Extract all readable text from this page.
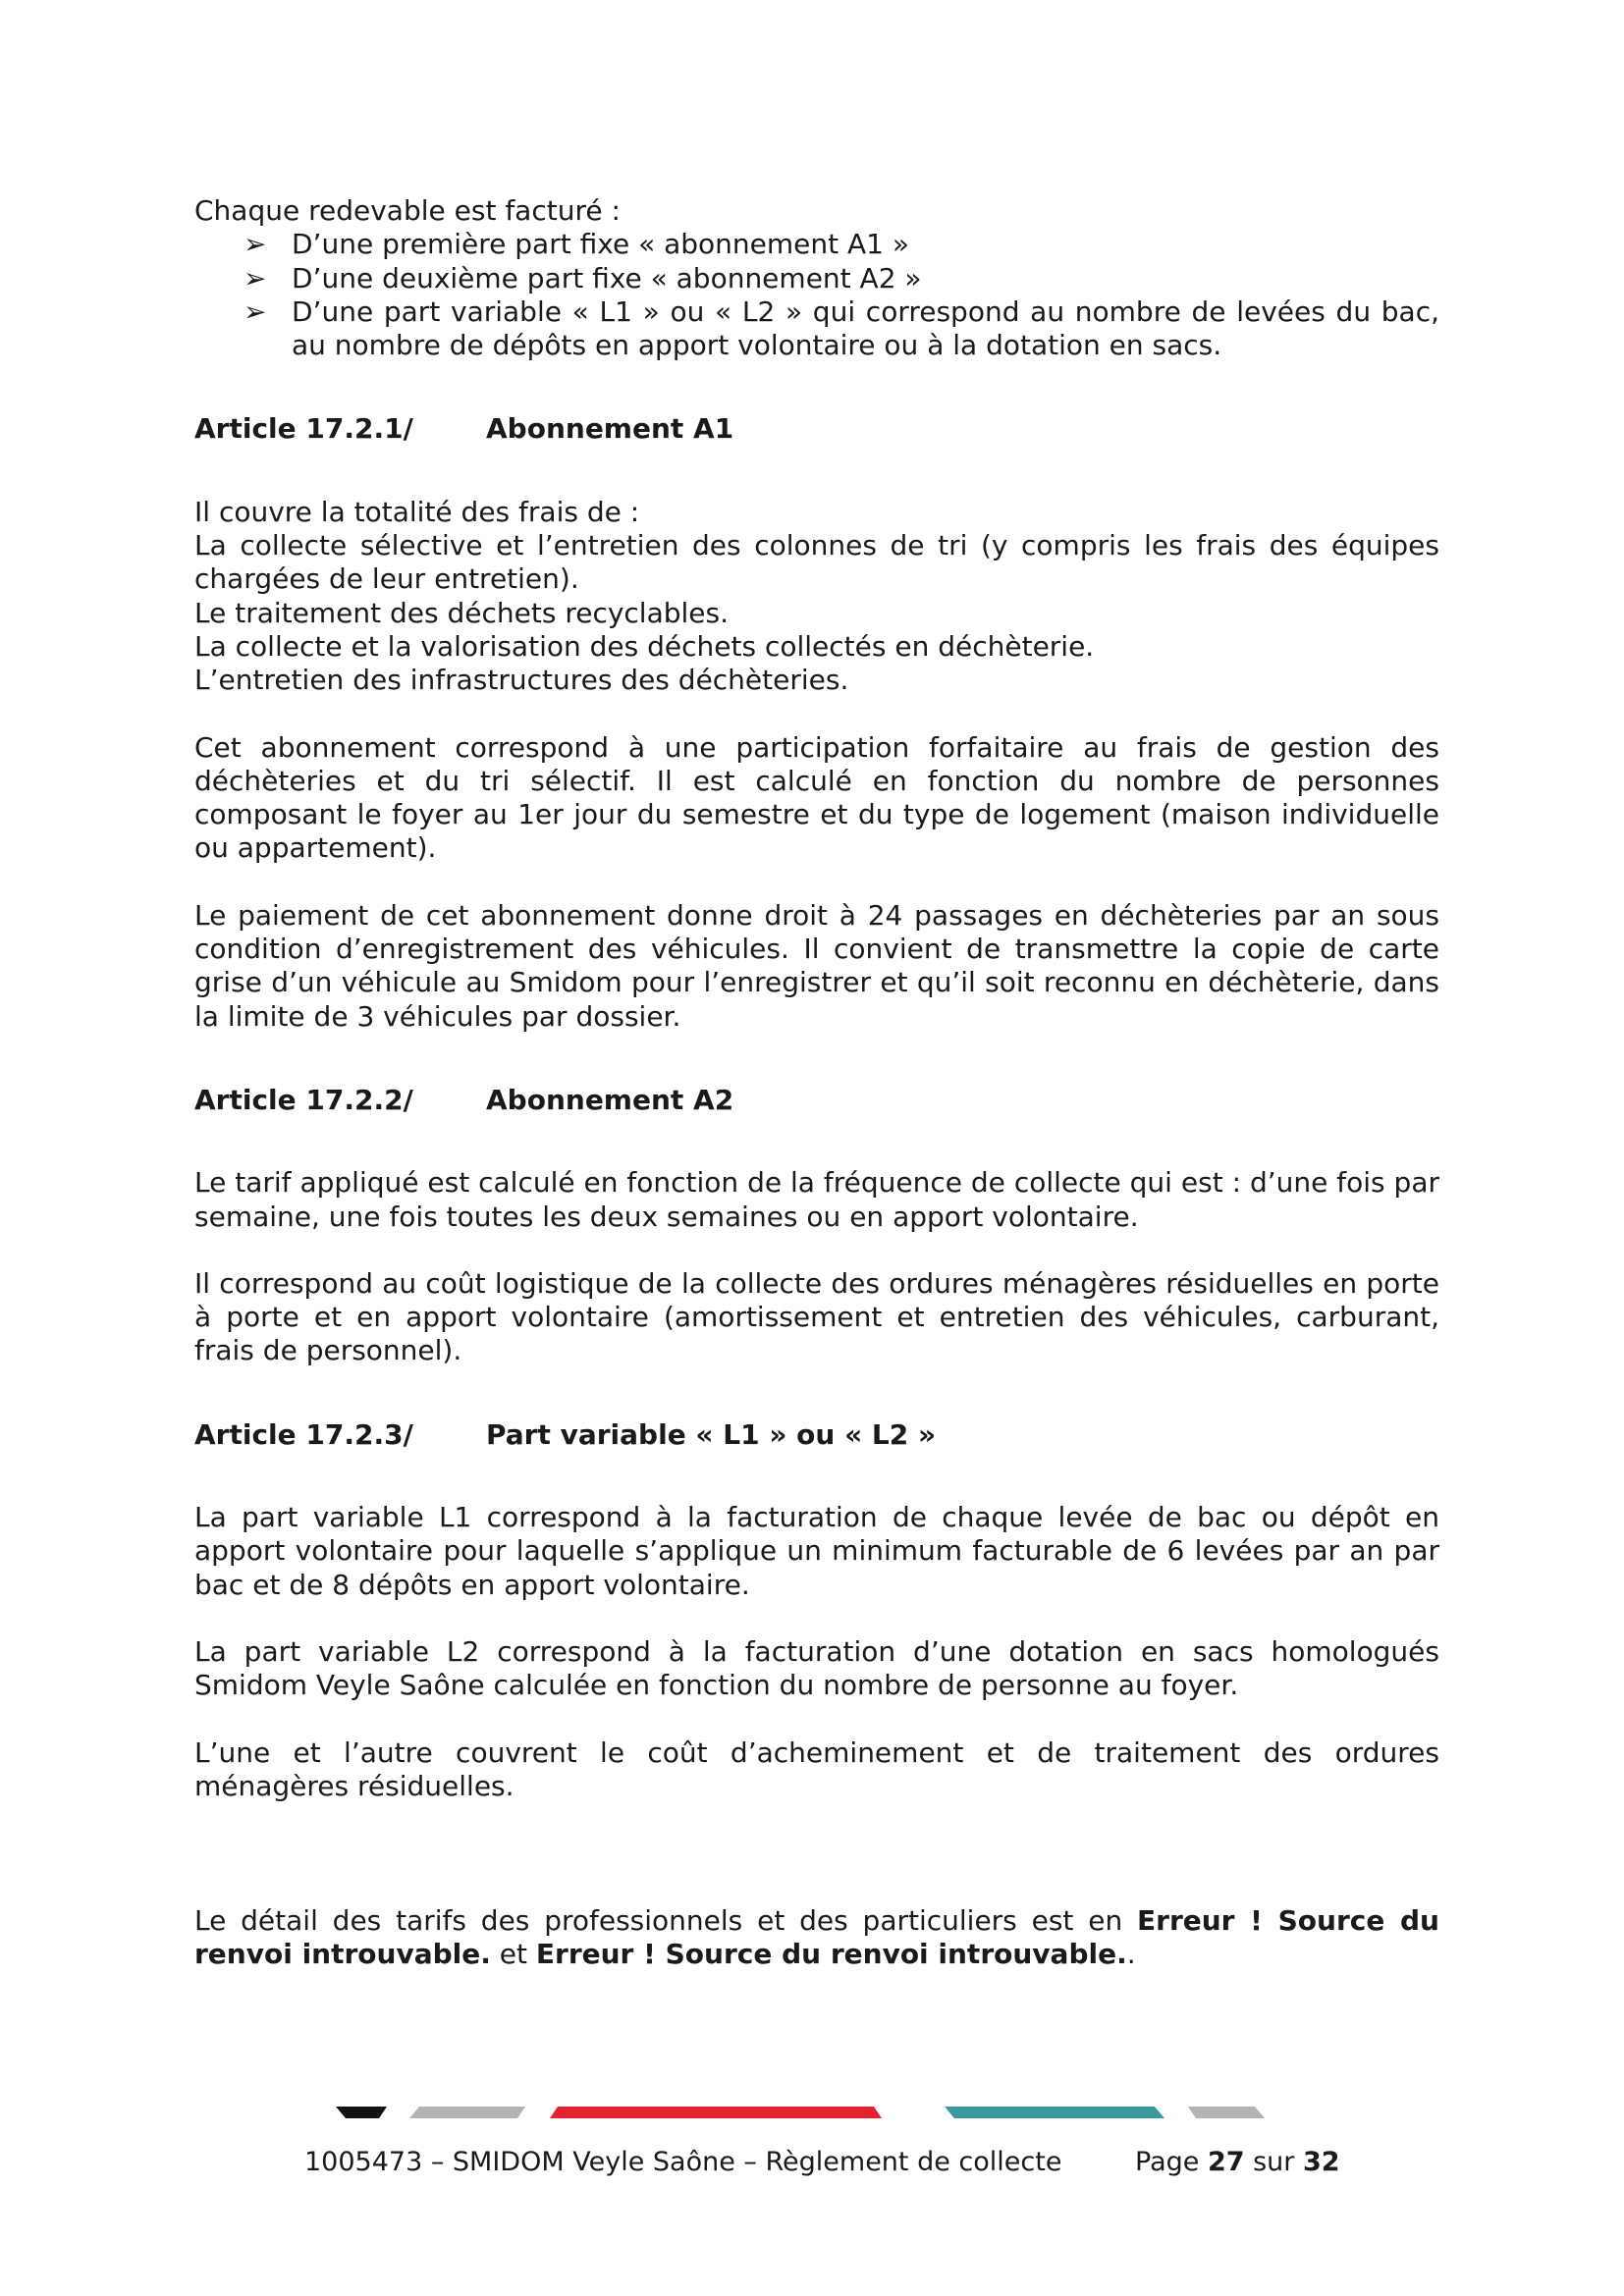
Chaque redevable est facturé :

➢ D’une première part fixe « abonnement A1 »
➢ D’une deuxième part fixe « abonnement A2 »
➢ D’une part variable « L1 » ou « L2 » qui correspond au nombre de levées du bac, au nombre de dépôts en apport volontaire ou à la dotation en sacs.
Article 17.2.1/	Abonnement A1

Il couvre la totalité des frais de :

La collecte sélective et l’entretien des colonnes de tri (y compris les frais des équipes chargées de leur entretien).

Le traitement des déchets recyclables.

La collecte et la valorisation des déchets collectés en déchèterie.

L’entretien des infrastructures des déchèteries.

Cet abonnement correspond à une participation forfaitaire au frais de gestion des déchèteries et du tri sélectif. Il est calculé en fonction du nombre de personnes composant le foyer au 1er jour du semestre et du type de logement (maison individuelle ou appartement).

Le paiement de cet abonnement donne droit à 24 passages en déchèteries par an sous condition d’enregistrement des véhicules. Il convient de transmettre la copie de carte grise d’un véhicule au Smidom pour l’enregistrer et qu’il soit reconnu en déchèterie, dans la limite de 3 véhicules par dossier.

Article 17.2.2/	Abonnement A2

Le tarif appliqué est calculé en fonction de la fréquence de collecte qui est : d’une fois par semaine, une fois toutes les deux semaines ou en apport volontaire.

Il correspond au coût logistique de la collecte des ordures ménagères résiduelles en porte à porte et en apport volontaire (amortissement et entretien des véhicules, carburant, frais de personnel).

Article 17.2.3/	Part variable « L1 » ou « L2 »

La part variable L1 correspond à la facturation de chaque levée de bac ou dépôt en apport volontaire pour laquelle s’applique un minimum facturable de 6 levées par an par bac et de 8 dépôts en apport volontaire.

La part variable L2 correspond à la facturation d’une dotation en sacs homologués Smidom Veyle Saône calculée en fonction du nombre de personne au foyer.

L’une et l’autre couvrent le coût d’acheminement et de traitement des ordures ménagères résiduelles.

Le détail des tarifs des professionnels et des particuliers est en Erreur ! Source du renvoi introuvable. et Erreur ! Source du renvoi introuvable..

1005473 – SMIDOM Veyle Saône – Règlement de collecte	Page 27 sur 32
